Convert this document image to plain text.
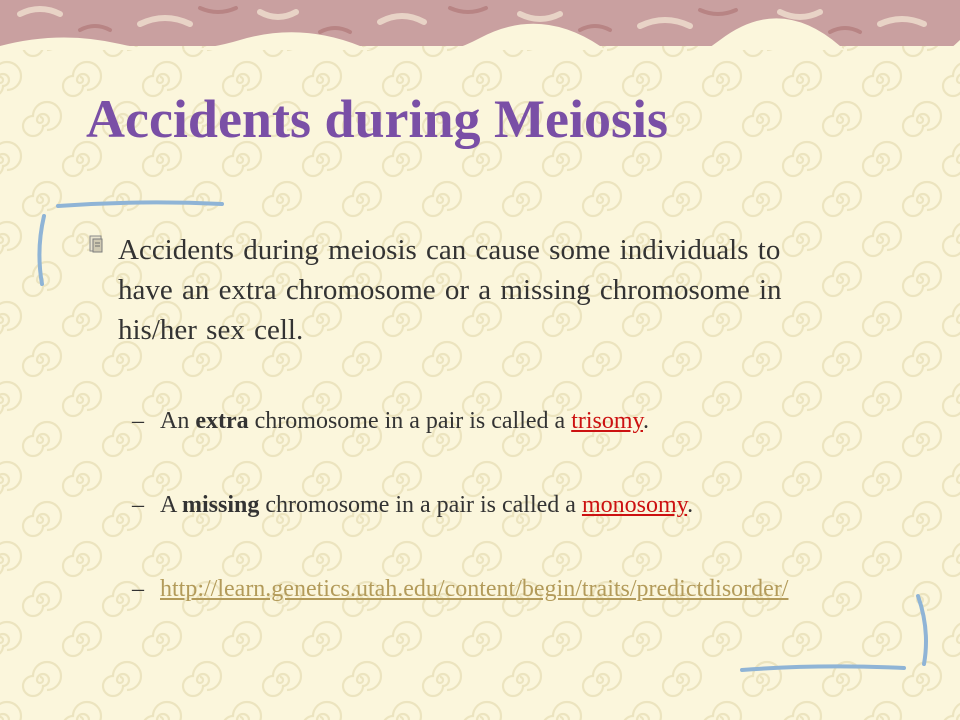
Accidents during Meiosis

Accidents during meiosis can cause some individuals to have an extra chromosome or a missing chromosome in his/her sex cell.

– An extra chromosome in a pair is called a trisomy.

– A missing chromosome in a pair is called a monosomy.

– http://learn.genetics.utah.edu/content/begin/traits/predictdisorder/
